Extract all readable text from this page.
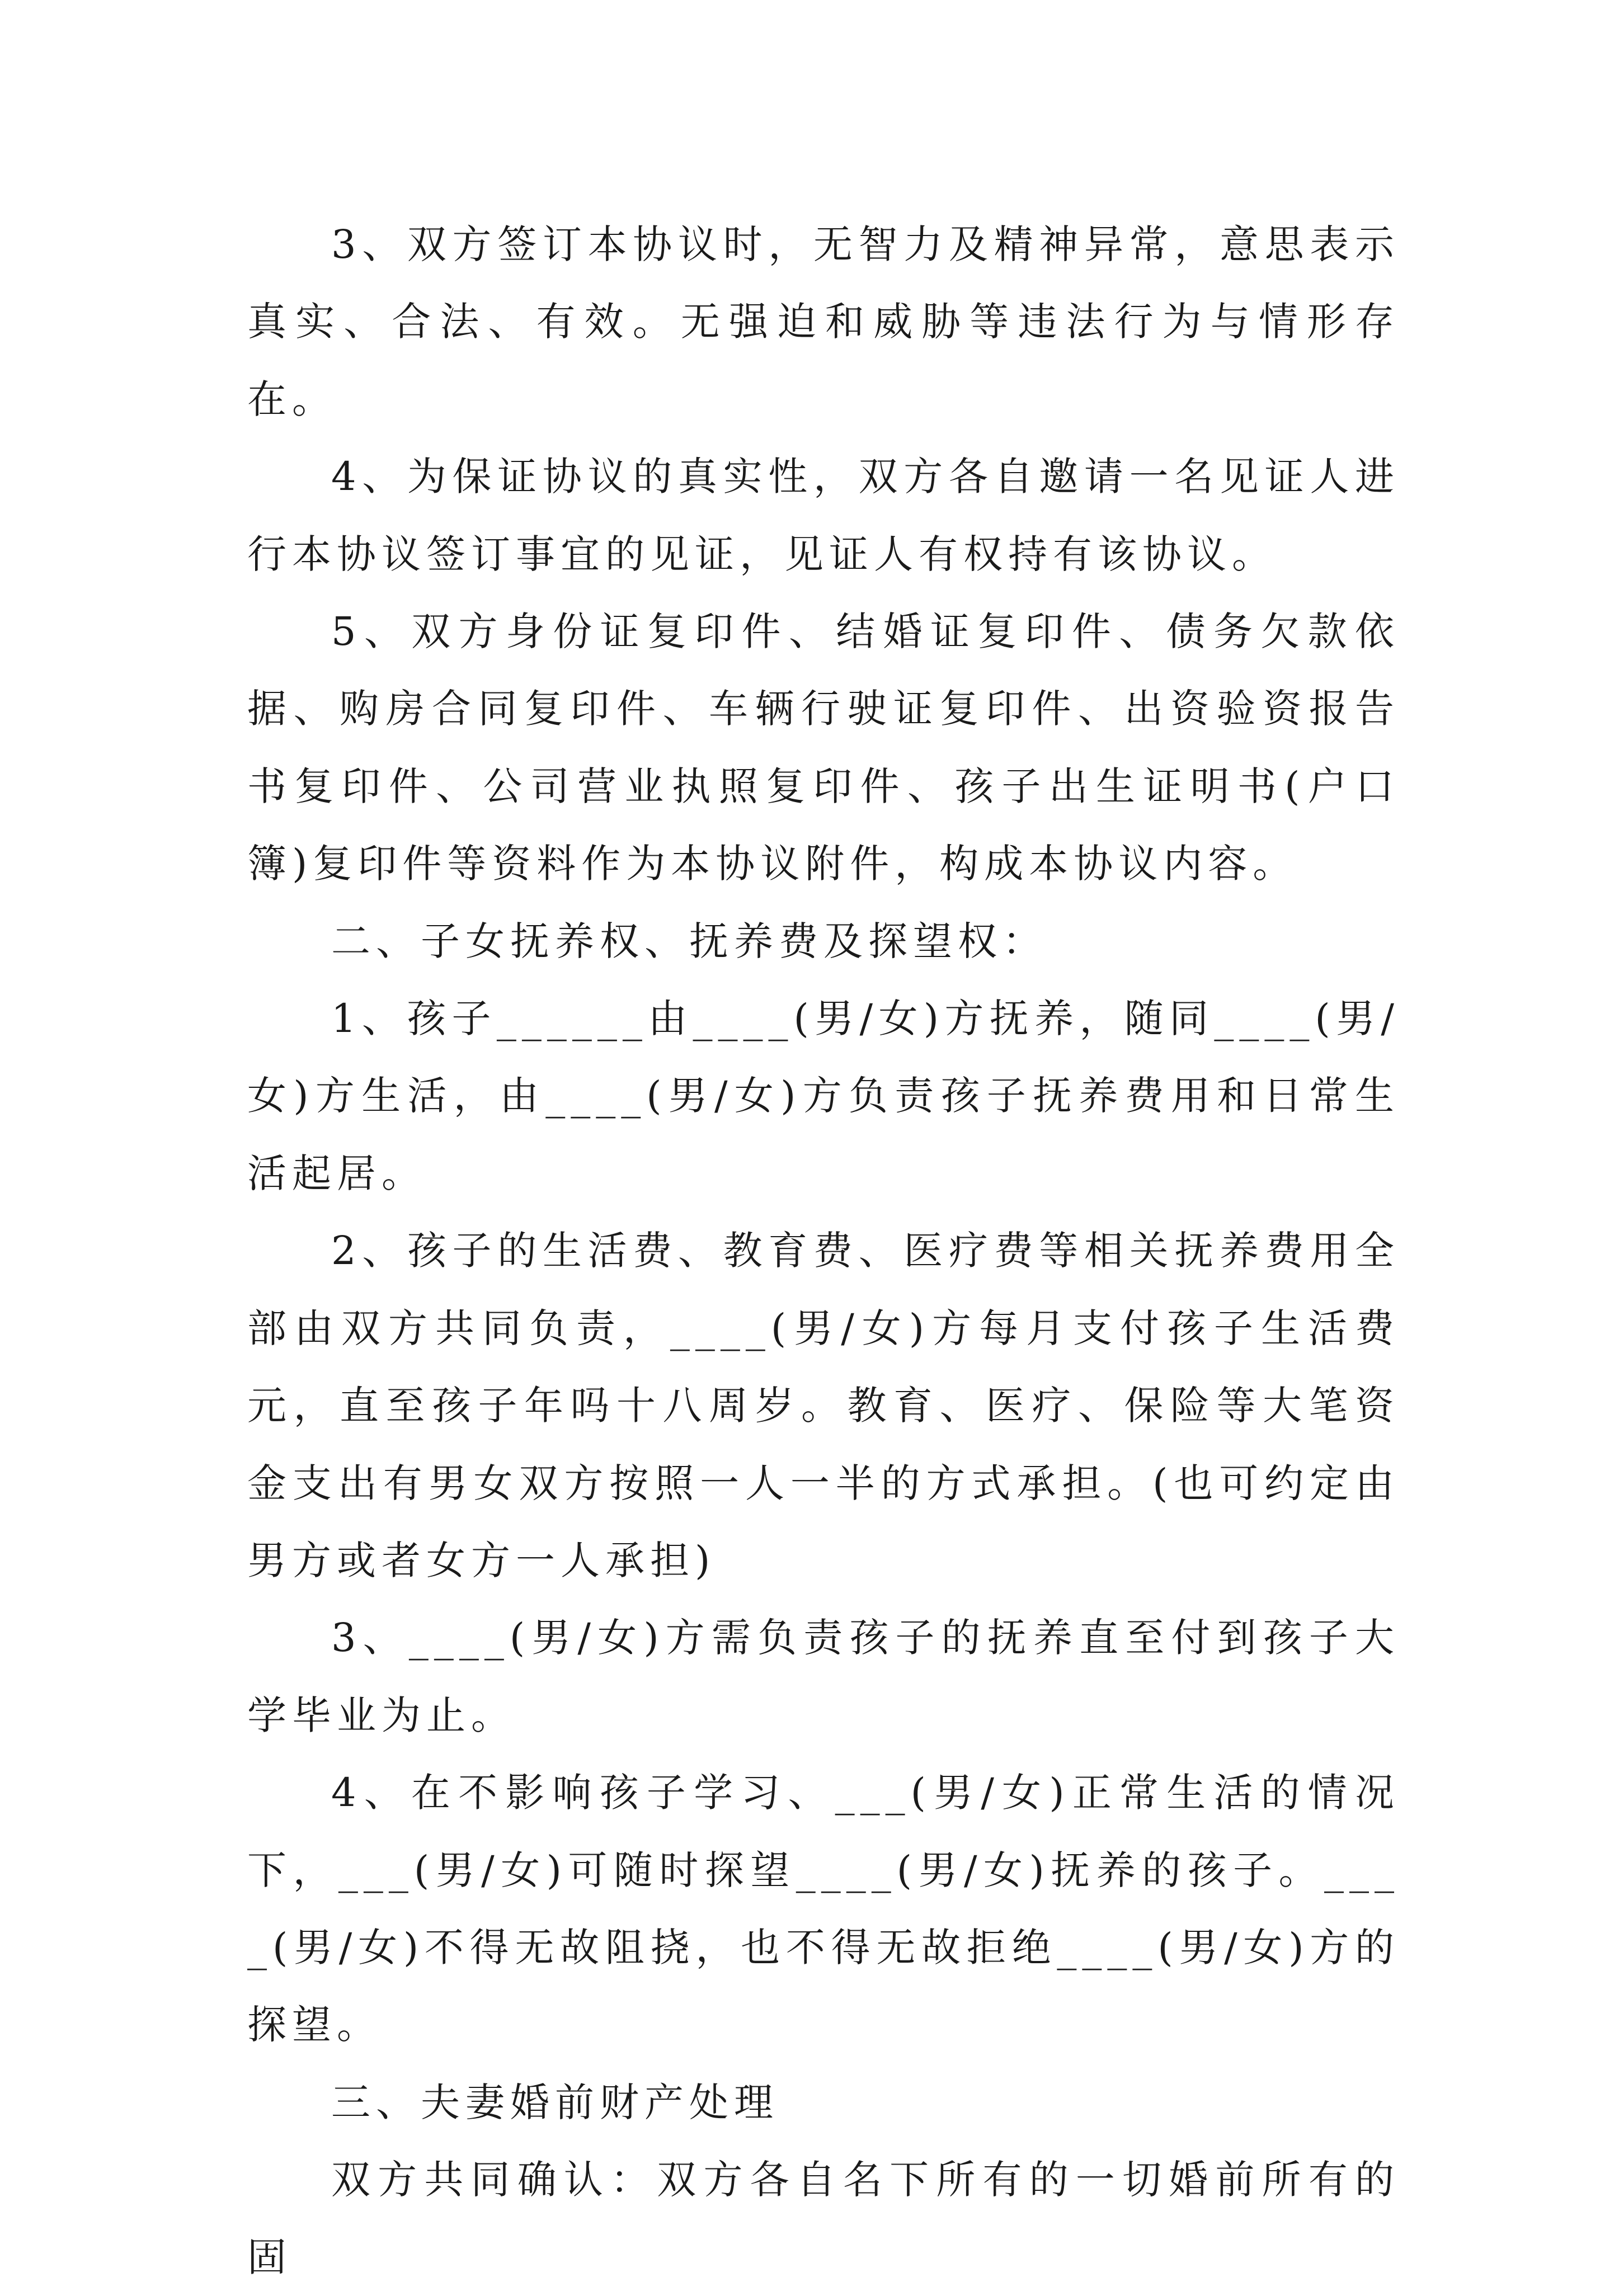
3、双方签订本协议时，无智力及精神异常，意思表示真实、合法、有效。无强迫和威胁等违法行为与情形存在。

4、为保证协议的真实性，双方各自邀请一名见证人进行本协议签订事宜的见证，见证人有权持有该协议。

5、双方身份证复印件、结婚证复印件、债务欠款依据、购房合同复印件、车辆行驶证复印件、出资验资报告书复印件、公司营业执照复印件、孩子出生证明书(户口簿)复印件等资料作为本协议附件，构成本协议内容。

二、子女抚养权、抚养费及探望权：

1、孩子______由____(男/女)方抚养，随同____(男/女)方生活，由____(男/女)方负责孩子抚养费用和日常生活起居。

2、孩子的生活费、教育费、医疗费等相关抚养费用全部由双方共同负责，____(男/女)方每月支付孩子生活费元，直至孩子年吗十八周岁。教育、医疗、保险等大笔资金支出有男女双方按照一人一半的方式承担。(也可约定由男方或者女方一人承担)

3、____(男/女)方需负责孩子的抚养直至付到孩子大学毕业为止。

4、在不影响孩子学习、___(男/女)正常生活的情况下，___(男/女)可随时探望____(男/女)抚养的孩子。____(男/女)不得无故阻挠，也不得无故拒绝____(男/女)方的探望。

三、夫妻婚前财产处理

双方共同确认：双方各自名下所有的一切婚前所有的固
